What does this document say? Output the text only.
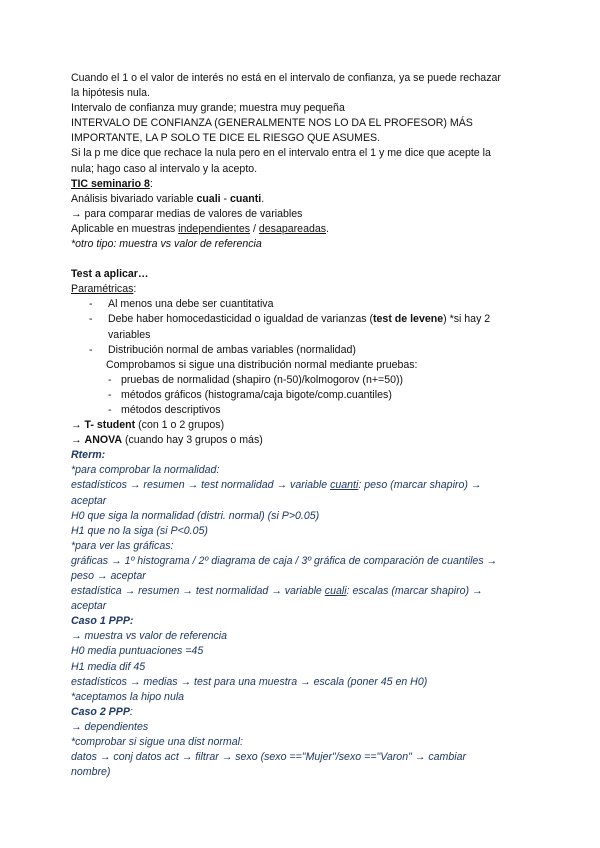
Cuando el 1 o el valor de interés no está en el intervalo de confianza, ya se puede rechazar
la hipótesis nula.
Intervalo de confianza muy grande; muestra muy pequeña
INTERVALO DE CONFIANZA (GENERALMENTE NOS LO DA EL PROFESOR) MÁS
IMPORTANTE, LA P SOLO TE DICE EL RIESGO QUE ASUMES.
Si la p me dice que rechace la nula pero en el intervalo entra el 1 y me dice que acepte la
nula; hago caso al intervalo y la acepto.
TIC seminario 8:
Análisis bivariado variable cuali - cuanti.
→ para comparar medias de valores de variables
Aplicable en muestras independientes / desapareadas.
*otro tipo: muestra vs valor de referencia
Test a aplicar…
Paramétricas:
- Al menos una debe ser cuantitativa
- Debe haber homocedasticidad o igualdad de varianzas (test de levene) *si hay 2
variables
- Distribución normal de ambas variables (normalidad)
Comprobamos si sigue una distribución normal mediante pruebas:
- pruebas de normalidad (shapiro (n-50)/kolmogorov (n+=50))
- métodos gráficos (histograma/caja bigote/comp.cuantiles)
- métodos descriptivos
→ T- student (con 1 o 2 grupos)
→ ANOVA (cuando hay 3 grupos o más)
Rterm:
*para comprobar la normalidad:
estadísticos → resumen → test normalidad → variable cuanti: peso (marcar shapiro) →
aceptar
H0 que siga la normalidad (distri. normal) (si P>0.05)
H1 que no la siga (si P<0.05)
*para ver las gráficas:
gráficas → 1º histograma / 2º diagrama de caja / 3º gráfica de comparación de cuantiles →
peso → aceptar
estadística → resumen → test normalidad → variable cuali: escalas (marcar shapiro) →
aceptar
Caso 1 PPP:
→ muestra vs valor de referencia
H0 media puntuaciones =45
H1 media dif 45
estadísticos → medias → test para una muestra → escala (poner 45 en H0)
*aceptamos la hipo nula
Caso 2 PPP:
→ dependientes
*comprobar si sigue una dist normal:
datos → conj datos act → filtrar → sexo (sexo =="Mujer"/sexo =="Varon" → cambiar
nombre)
